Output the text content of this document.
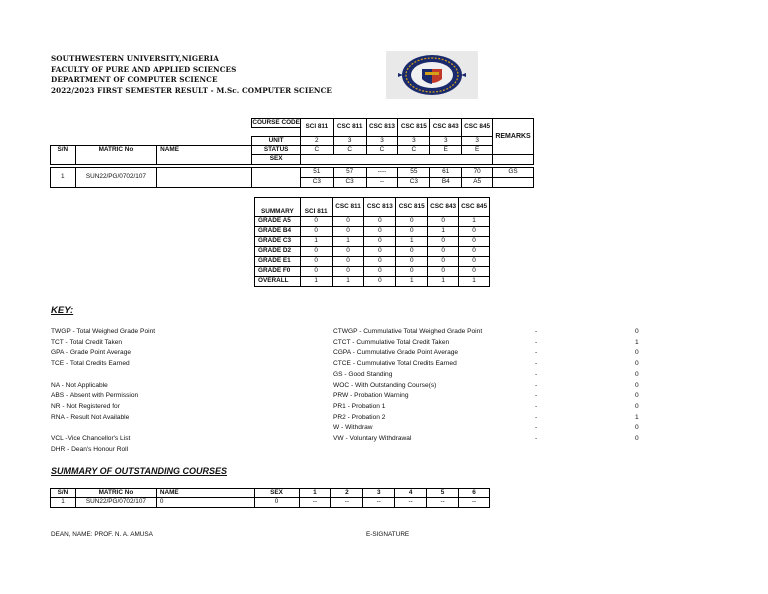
SOUTHWESTERN UNIVERSITY,NIGERIA
FACULTY OF PURE AND APPLIED SCIENCES
DEPARTMENT OF COMPUTER SCIENCE
2022/2023 FIRST SEMESTER RESULT - M.Sc. COMPUTER SCIENCE
			COURSE CODE	SCI 811	CSC 811	CSC 813	CSC 815	CSC 843	CSC 845	REMARKS

			UNIT	2	3	3	3	3	3	
S/N	MATRIC No	NAME	STATUS	C	C	C	C	E	E	
			SEX							

1	SUN22/PG/0702/107			51	57	----	55	61	70	GS
				C3	C3	--	C3	B4	A5	
SUMMARY	SCI 811	CSC 811	CSC 813	CSC 815	CSC 843	CSC 845
GRADE A5	0	0	0	0	0	1
GRADE B4	0	0	0	0	1	0
GRADE C3	1	1	0	1	0	0
GRADE D2	0	0	0	0	0	0
GRADE E1	0	0	0	0	0	0
GRADE F0	0	0	0	0	0	0
OVERALL	1	1	0	1	1	1
KEY:
TWGP - Total Weighed Grade Point
TCT - Total Credit Taken
GPA - Grade Point Average
TCE - Total Credits Earned
NA - Not Applicable
ABS - Absent with Permission
NR - Not Registered for
RNA - Result Not Available
VCL -Vice Chancellor's List
DHR - Dean's Honour Roll
CTWGP - Cummulative Total Weighed Grade Point	-	0
CTCT - Cummulative Total Credit Taken	-	1
CGPA - Cummulative Grade Point Average	-	0
CTCE - Cummulative Total Credits Earned	-	0
GS - Good Standing	-	0
WOC - With Outstanding Course(s)	-	0
PRW - Probation Warning	-	0
PR1 - Probation 1	-	0
PR2 - Probation 2	-	1
W - Withdraw	-	0
VW - Voluntary Withdrawal	-	0
SUMMARY OF OUTSTANDING COURSES
S/N	MATRIC No	NAME	SEX	1	2	3	4	5	6
1	SUN22/PG/0702/107	0	0	--	--	--	--	--	--
DEAN, NAME: PROF. N. A. AMUSA	E-SIGNATURE
